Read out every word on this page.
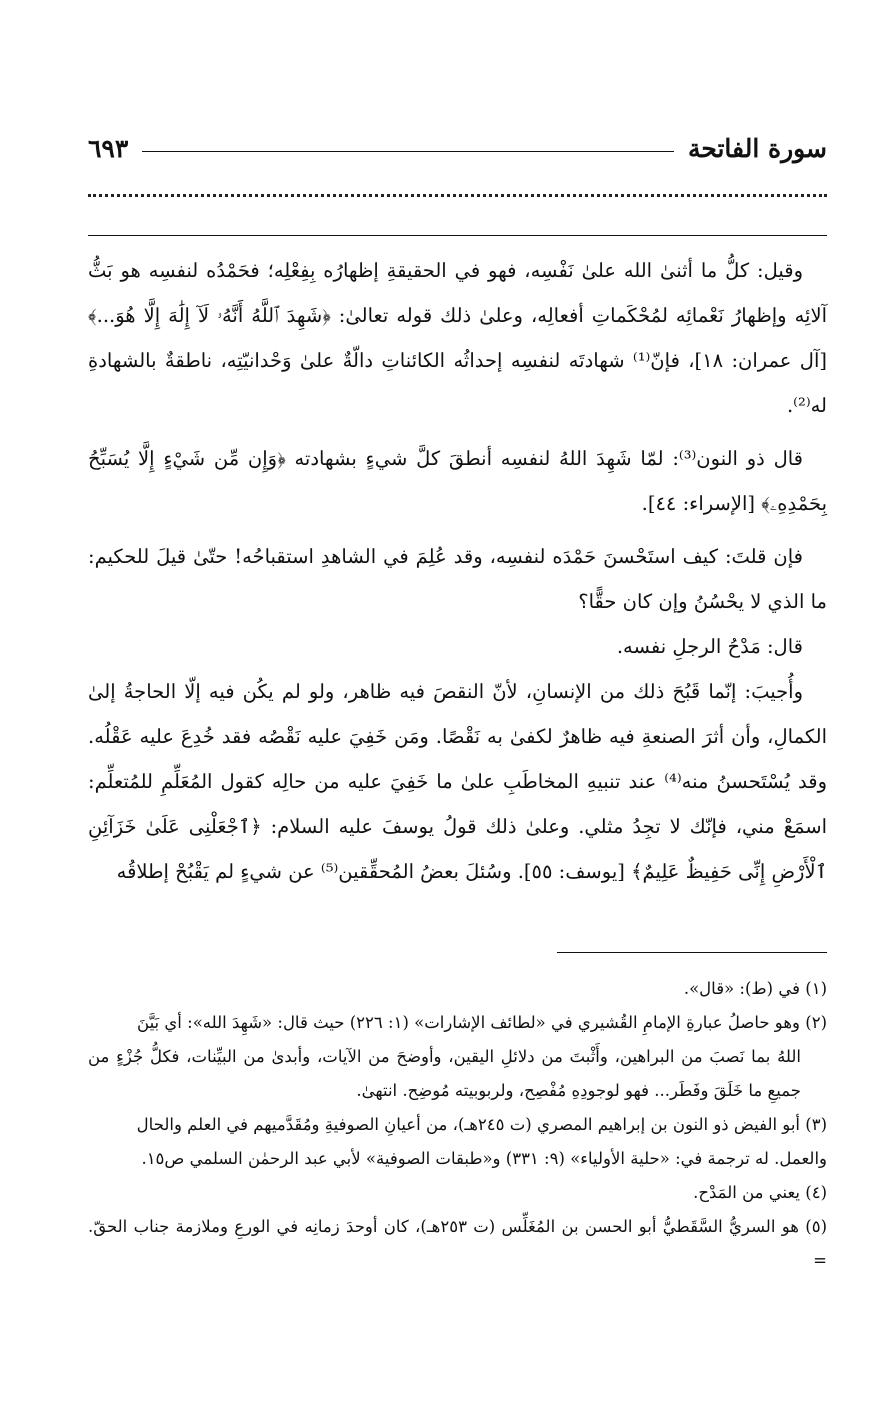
سورة الفاتحة
٦٩٣

وقيل: كلُّ ما أثنىٰ الله علىٰ نَفْسِه، فهو في الحقيقةِ إظهارُه بِفِعْلِه؛ فحَمْدُه لنفسِه هو بَثُّ آلائِه وإظهارُ نَعْمائِه لمُحْكَماتِ أفعالِه، وعلىٰ ذلك قوله تعالىٰ: ﴿شَهِدَ ٱللَّهُ أَنَّهُۥ لَآ إِلَٰهَ إِلَّا هُوَ...﴾ [آل عمران: ١٨]، فإنّ⁽¹⁾ شهادتَه لنفسِه إحداثُه الكائناتِ دالّةٌ علىٰ وَحْدانيّتِه، ناطقةٌ بالشهادةِ له⁽²⁾.

قال ذو النون⁽³⁾: لمّا شَهِدَ اللهُ لنفسِه أنطقَ كلَّ شيءٍ بشهادته ﴿وَإِن مِّن شَيْءٍ إِلَّا يُسَبِّحُ بِحَمْدِهِۦ﴾ [الإسراء: ٤٤].

فإن قلتَ: كيف استَحْسنَ حَمْدَه لنفسِه، وقد عُلِمَ في الشاهدِ استقباحُه! حتّىٰ قيلَ للحكيم: ما الذي لا يحْسُنُ وإن كان حقًّا؟

قال: مَدْحُ الرجلِ نفسه.

وأُجيبَ: إنّما قَبُحَ ذلك من الإنسانِ، لأنّ النقصَ فيه ظاهر، ولو لم يكُن فيه إلّا الحاجةُ إلىٰ الكمالِ، وأن أثرَ الصنعةِ فيه ظاهرٌ لكفىٰ به نَقْصًا. ومَن خَفِيَ عليه نَقْصُه فقد خُدِعَ عليه عَقْلُه. وقد يُسْتَحسنُ منه⁽⁴⁾ عند تنبيهِ المخاطَبِ علىٰ ما خَفِيَ عليه من حالِه كقول المُعَلِّمِ للمُتعلِّم: اسمَعْ مني، فإنّك لا تجِدُ مثلي. وعلىٰ ذلك قولُ يوسفَ عليه السلام: ﴿ٱجْعَلْنِى عَلَىٰ خَزَآئِنِ ٱلْأَرْضِ إِنِّى حَفِيظٌ عَلِيمٌ﴾ [يوسف: ٥٥]. وسُئلَ بعضُ المُحقِّقين⁽⁵⁾ عن شيءٍ لم يَقْبُحْ إطلاقُه

(١) في (ط): «قال».

(٢) وهو حاصلُ عبارةِ الإمامِ القُشيري في «لطائف الإشارات» (١: ٢٢٦) حيث قال: «شَهِدَ الله»: أي بَيَّنَ

اللهُ بما نَصبَ من البراهين، وأَثْبتَ من دلائلِ اليقين، وأوضحَ من الآيات، وأبدىٰ من البيِّنات، فكلُّ جُزْءٍ من جميعِ ما خَلَقَ وفَطَر... فهو لوجودِهِ مُفْصِح، ولربوبيته مُوضِح. انتهىٰ.

(٣) أبو الفيض ذو النون بن إبراهيم المصري (ت ٢٤٥هـ)، من أعيانِ الصوفيةِ ومُقَدَّميهم في العلم والحال

والعمل. له ترجمة في: «حلية الأولياء» (٩: ٣٣١) و«طبقات الصوفية» لأبي عبد الرحمٰن السلمي ص١٥.

(٤) يعني من المَدْح.

(٥) هو السريُّ السَّقَطيُّ أبو الحسن بن المُغَلِّس (ت ٢٥٣هـ)، كان أوحدَ زمانِه في الورعِ وملازمة جناب الحقّ. =
